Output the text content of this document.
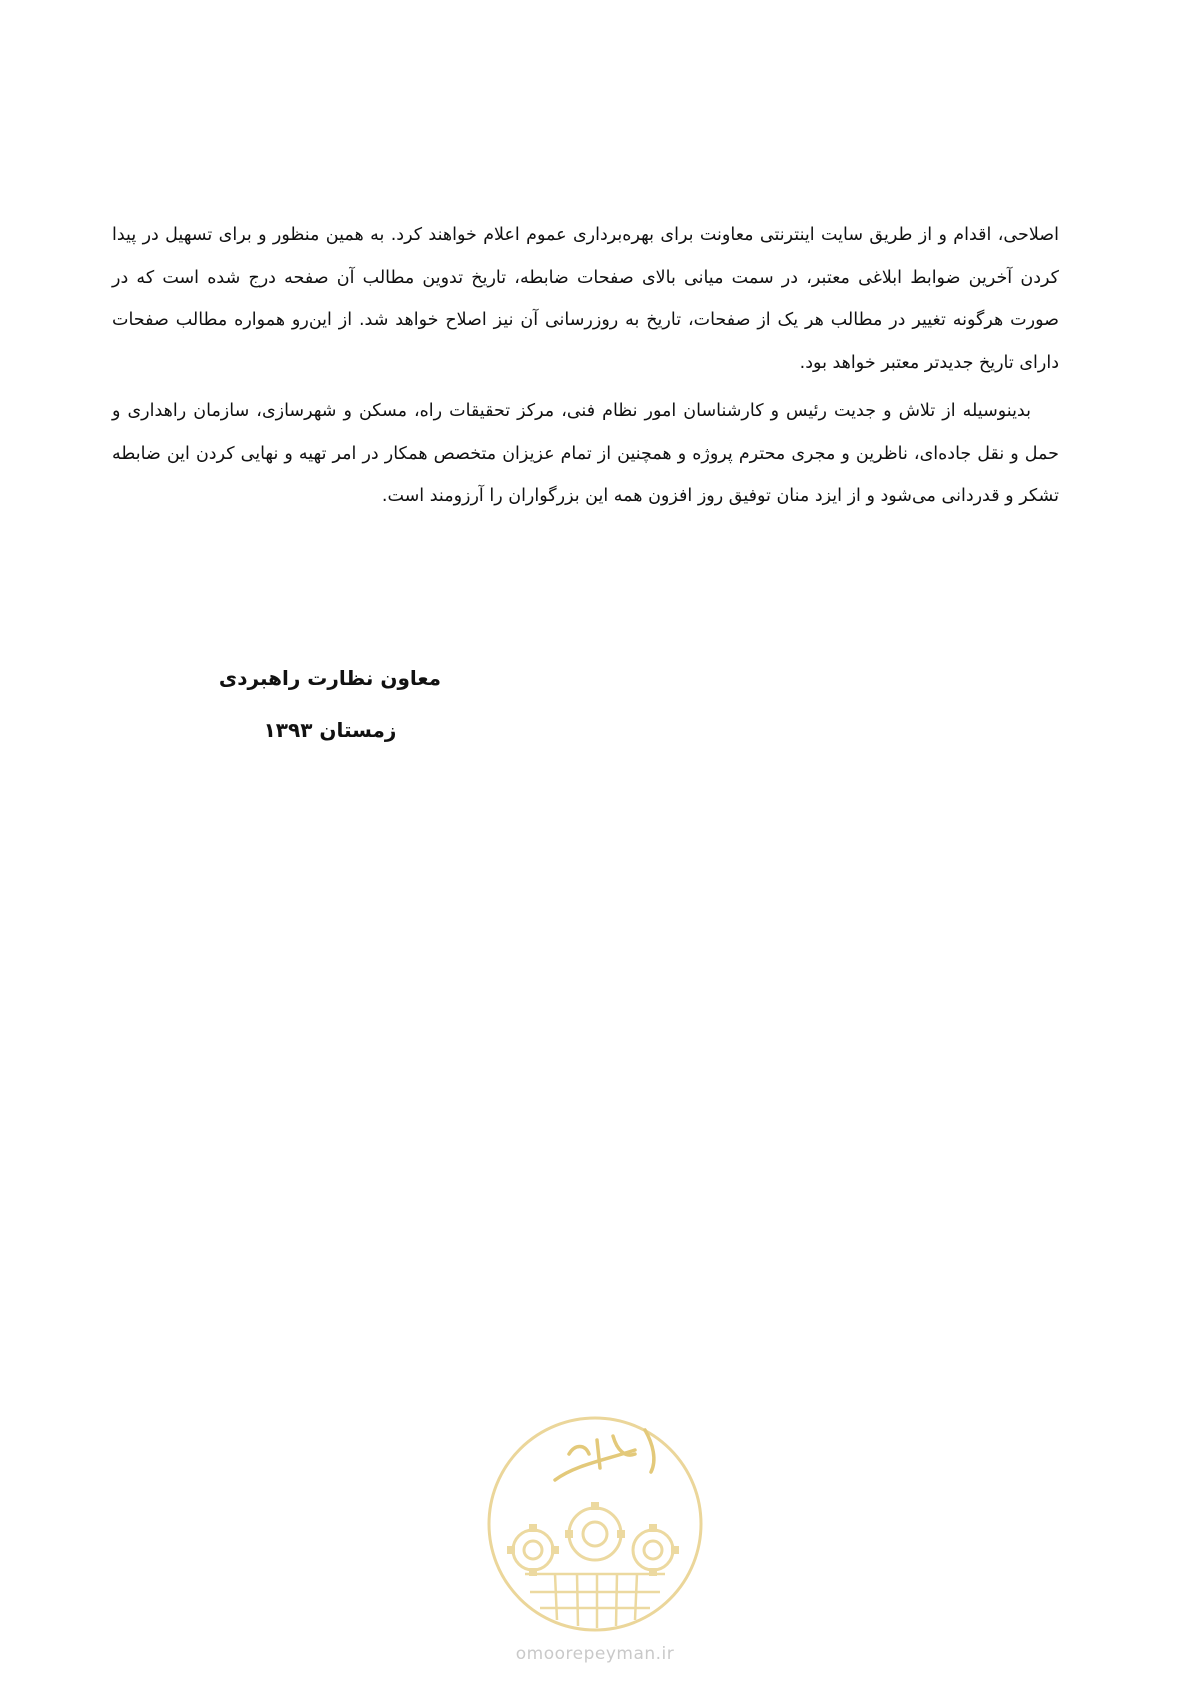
اصلاحی، اقدام و از طریق سایت اینترنتی معاونت برای بهره‌برداری عموم اعلام خواهند کرد. به همین منظور و برای تسهیل در پیدا کردن آخرین ضوابط ابلاغی معتبر، در سمت میانی بالای صفحات ضابطه، تاریخ تدوین مطالب آن صفحه درج شده است که در صورت هرگونه تغییر در مطالب هر یک از صفحات، تاریخ به روزرسانی آن نیز اصلاح خواهد شد. از این‌رو همواره مطالب صفحات دارای تاریخ جدیدتر معتبر خواهد بود.

بدینوسیله از تلاش و جدیت رئیس و کارشناسان امور نظام فنی، مرکز تحقیقات راه، مسکن و شهرسازی، سازمان راهداری و حمل و نقل جاده‌ای، ناظرین و مجری محترم پروژه و همچنین از تمام عزیزان متخصص همکار در امر تهیه و نهایی کردن این ضابطه تشکر و قدردانی می‌شود و از ایزد منان توفیق روز افزون همه این بزرگواران را آرزومند است.

معاون نظارت راهبردی
زمستان ۱۳۹۳
omoorepeyman.ir
